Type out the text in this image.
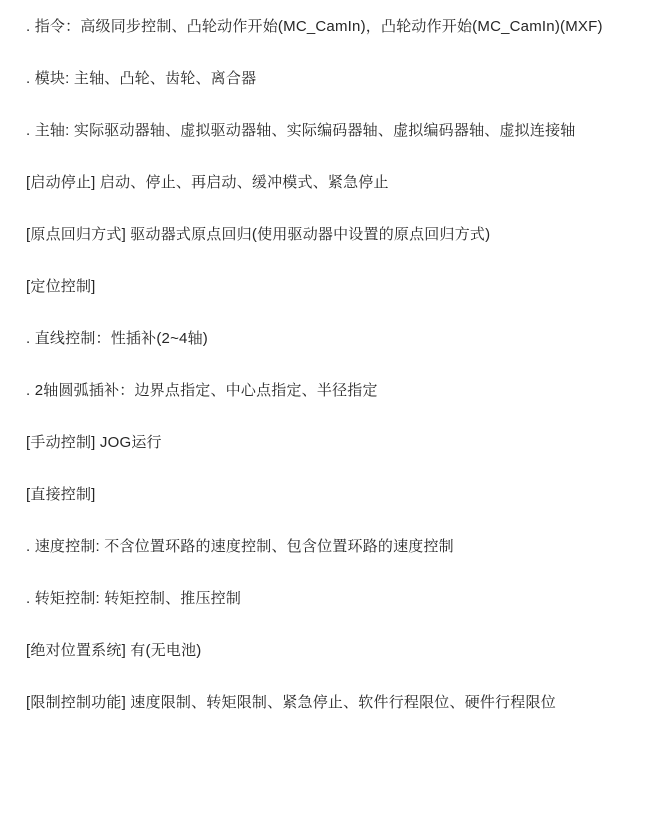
. 指令：高级同步控制、凸轮动作开始(MC_CamIn)，凸轮动作开始(MC_CamIn)(MXF)
. 模块: 主轴、凸轮、齿轮、离合器
. 主轴: 实际驱动器轴、虚拟驱动器轴、实际编码器轴、虚拟编码器轴、虚拟连接轴
[启动停止] 启动、停止、再启动、缓冲模式、紧急停止
[原点回归方式] 驱动器式原点回归(使用驱动器中设置的原点回归方式)
[定位控制]
. 直线控制：性插补(2~4轴)
. 2轴圆弧插补：边界点指定、中心点指定、半径指定
[手动控制] JOG运行
[直接控制]
. 速度控制: 不含位置环路的速度控制、包含位置环路的速度控制
. 转矩控制: 转矩控制、推压控制
[绝对位置系统] 有(无电池)
[限制控制功能] 速度限制、转矩限制、紧急停止、软件行程限位、硬件行程限位
